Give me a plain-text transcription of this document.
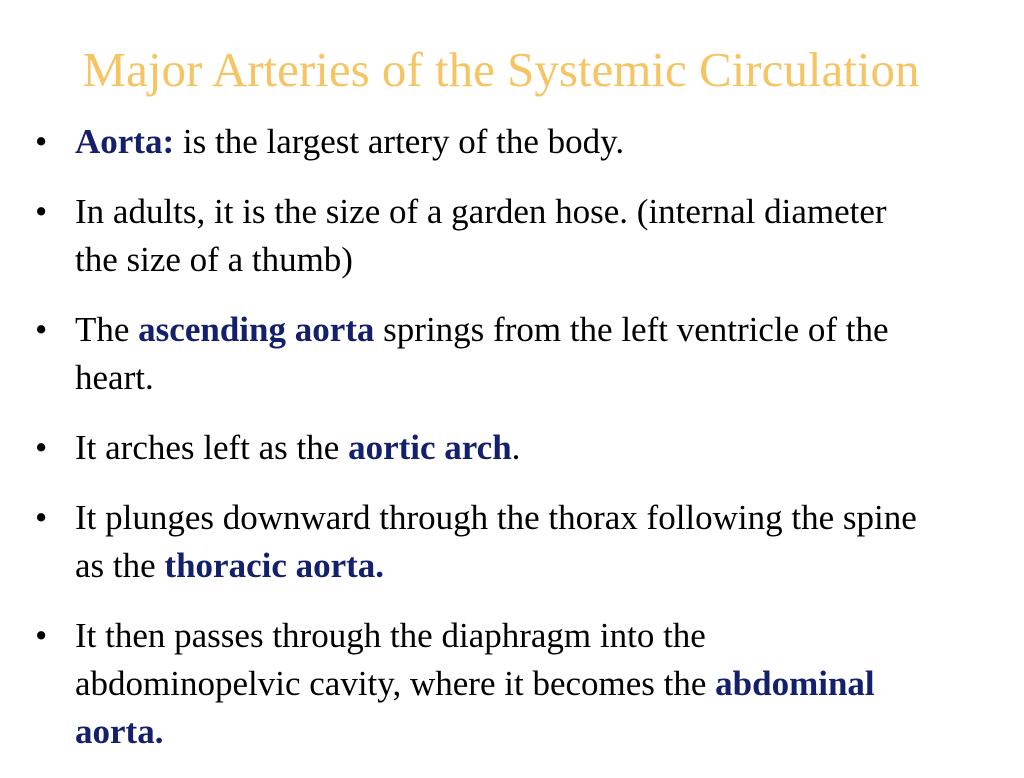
Major Arteries of the Systemic Circulation
• Aorta: is the largest artery of the body.
• In adults, it is the size of a garden hose. (internal diameter the size of a thumb)
• The ascending aorta springs from the left ventricle of the heart.
• It arches left as the aortic arch.
• It plunges downward through the thorax following the spine as the thoracic aorta.
• It then passes through the diaphragm into the abdominopelvic cavity, where it becomes the abdominal aorta.
